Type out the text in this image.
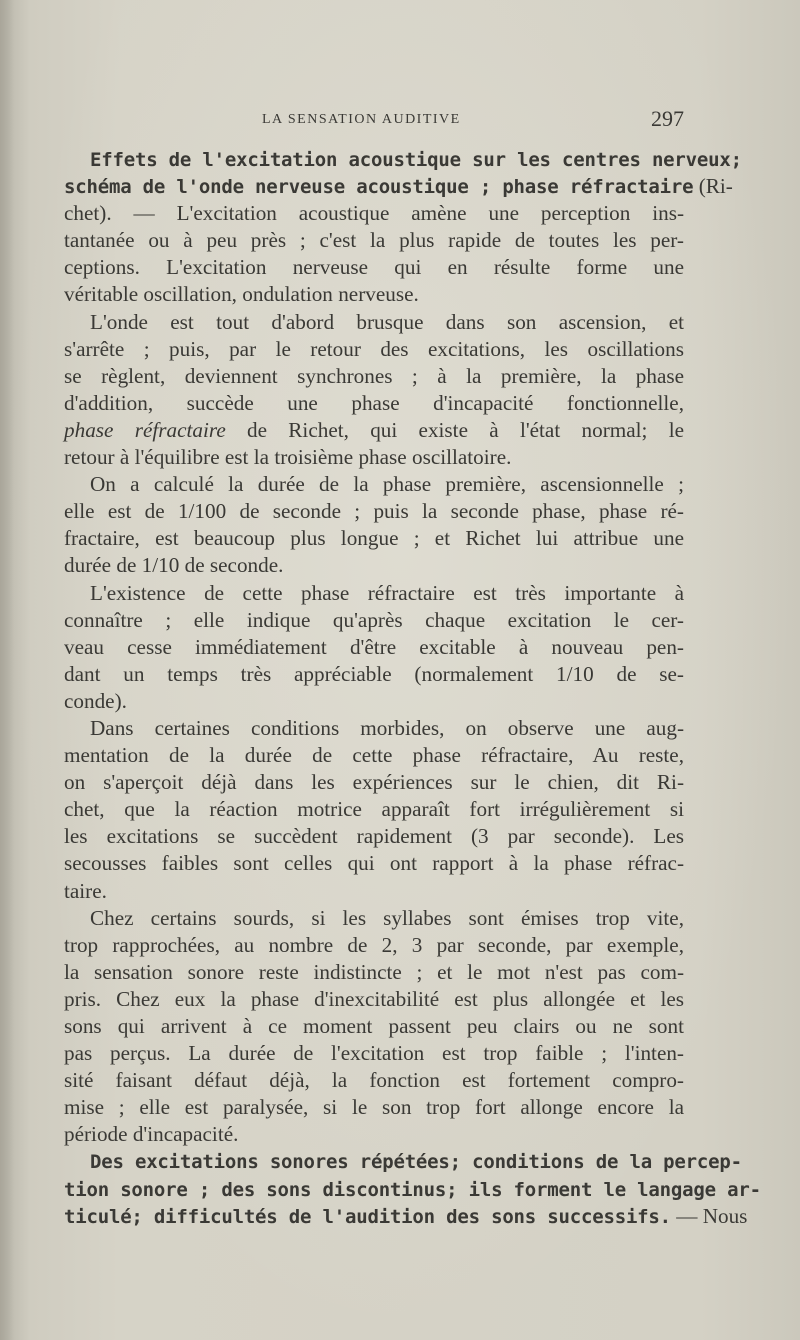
LA SENSATION AUDITIVE	297
Effets de l'excitation acoustique sur les centres nerveux;
schéma de l'onde nerveuse acoustique ; phase réfractaire (Ri-
chet). — L'excitation acoustique amène une perception ins-
tantanée ou à peu près ; c'est la plus rapide de toutes les per-
ceptions. L'excitation nerveuse qui en résulte forme une
véritable oscillation, ondulation nerveuse.
L'onde est tout d'abord brusque dans son ascension, et
s'arrête ; puis, par le retour des excitations, les oscillations
se règlent, deviennent synchrones ; à la première, la phase
d'addition, succède une phase d'incapacité fonctionnelle,
phase réfractaire de Richet, qui existe à l'état normal; le
retour à l'équilibre est la troisième phase oscillatoire.
On a calculé la durée de la phase première, ascensionnelle ;
elle est de 1/100 de seconde ; puis la seconde phase, phase ré-
fractaire, est beaucoup plus longue ; et Richet lui attribue une
durée de 1/10 de seconde.
L'existence de cette phase réfractaire est très importante à
connaître ; elle indique qu'après chaque excitation le cer-
veau cesse immédiatement d'être excitable à nouveau pen-
dant un temps très appréciable (normalement 1/10 de se-
conde).
Dans certaines conditions morbides, on observe une aug-
mentation de la durée de cette phase réfractaire, Au reste,
on s'aperçoit déjà dans les expériences sur le chien, dit Ri-
chet, que la réaction motrice apparaît fort irrégulièrement si
les excitations se succèdent rapidement (3 par seconde). Les
secousses faibles sont celles qui ont rapport à la phase réfrac-
taire.
Chez certains sourds, si les syllabes sont émises trop vite,
trop rapprochées, au nombre de 2, 3 par seconde, par exemple,
la sensation sonore reste indistincte ; et le mot n'est pas com-
pris. Chez eux la phase d'inexcitabilité est plus allongée et les
sons qui arrivent à ce moment passent peu clairs ou ne sont
pas perçus. La durée de l'excitation est trop faible ; l'inten-
sité faisant défaut déjà, la fonction est fortement compro-
mise ; elle est paralysée, si le son trop fort allonge encore la
période d'incapacité.
Des excitations sonores répétées; conditions de la percep-
tion sonore ; des sons discontinus; ils forment le langage ar-
ticulé; difficultés de l'audition des sons successifs. — Nous
